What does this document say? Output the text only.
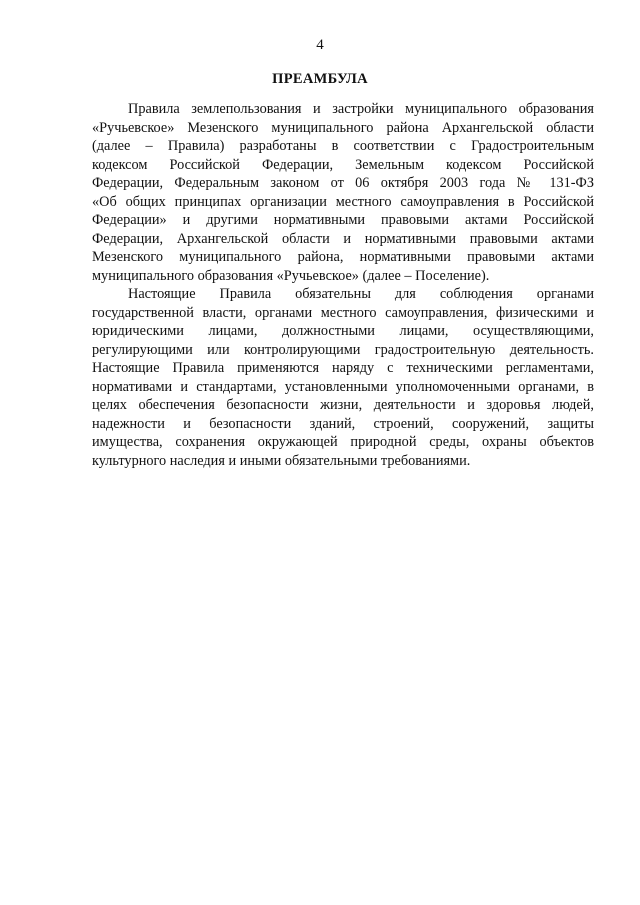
4
ПРЕАМБУЛА
Правила землепользования и застройки муниципального образования
«Ручьевское» Мезенского муниципального района Архангельской области
(далее – Правила) разработаны в соответствии с Градостроительным
кодексом Российской Федерации, Земельным кодексом Российской
Федерации, Федеральным законом от 06 октября 2003 года № 131-ФЗ
«Об общих принципах организации местного самоуправления в Российской
Федерации» и другими нормативными правовыми актами Российской
Федерации, Архангельской области и нормативными правовыми актами
Мезенского муниципального района, нормативными правовыми актами
муниципального образования «Ручьевское» (далее – Поселение).
Настоящие Правила обязательны для соблюдения органами
государственной власти, органами местного самоуправления, физическими и
юридическими лицами, должностными лицами, осуществляющими,
регулирующими или контролирующими градостроительную деятельность.
Настоящие Правила применяются наряду с техническими регламентами,
нормативами и стандартами, установленными уполномоченными органами, в
целях обеспечения безопасности жизни, деятельности и здоровья людей,
надежности и безопасности зданий, строений, сооружений, защиты
имущества, сохранения окружающей природной среды, охраны объектов
культурного наследия и иными обязательными требованиями.
